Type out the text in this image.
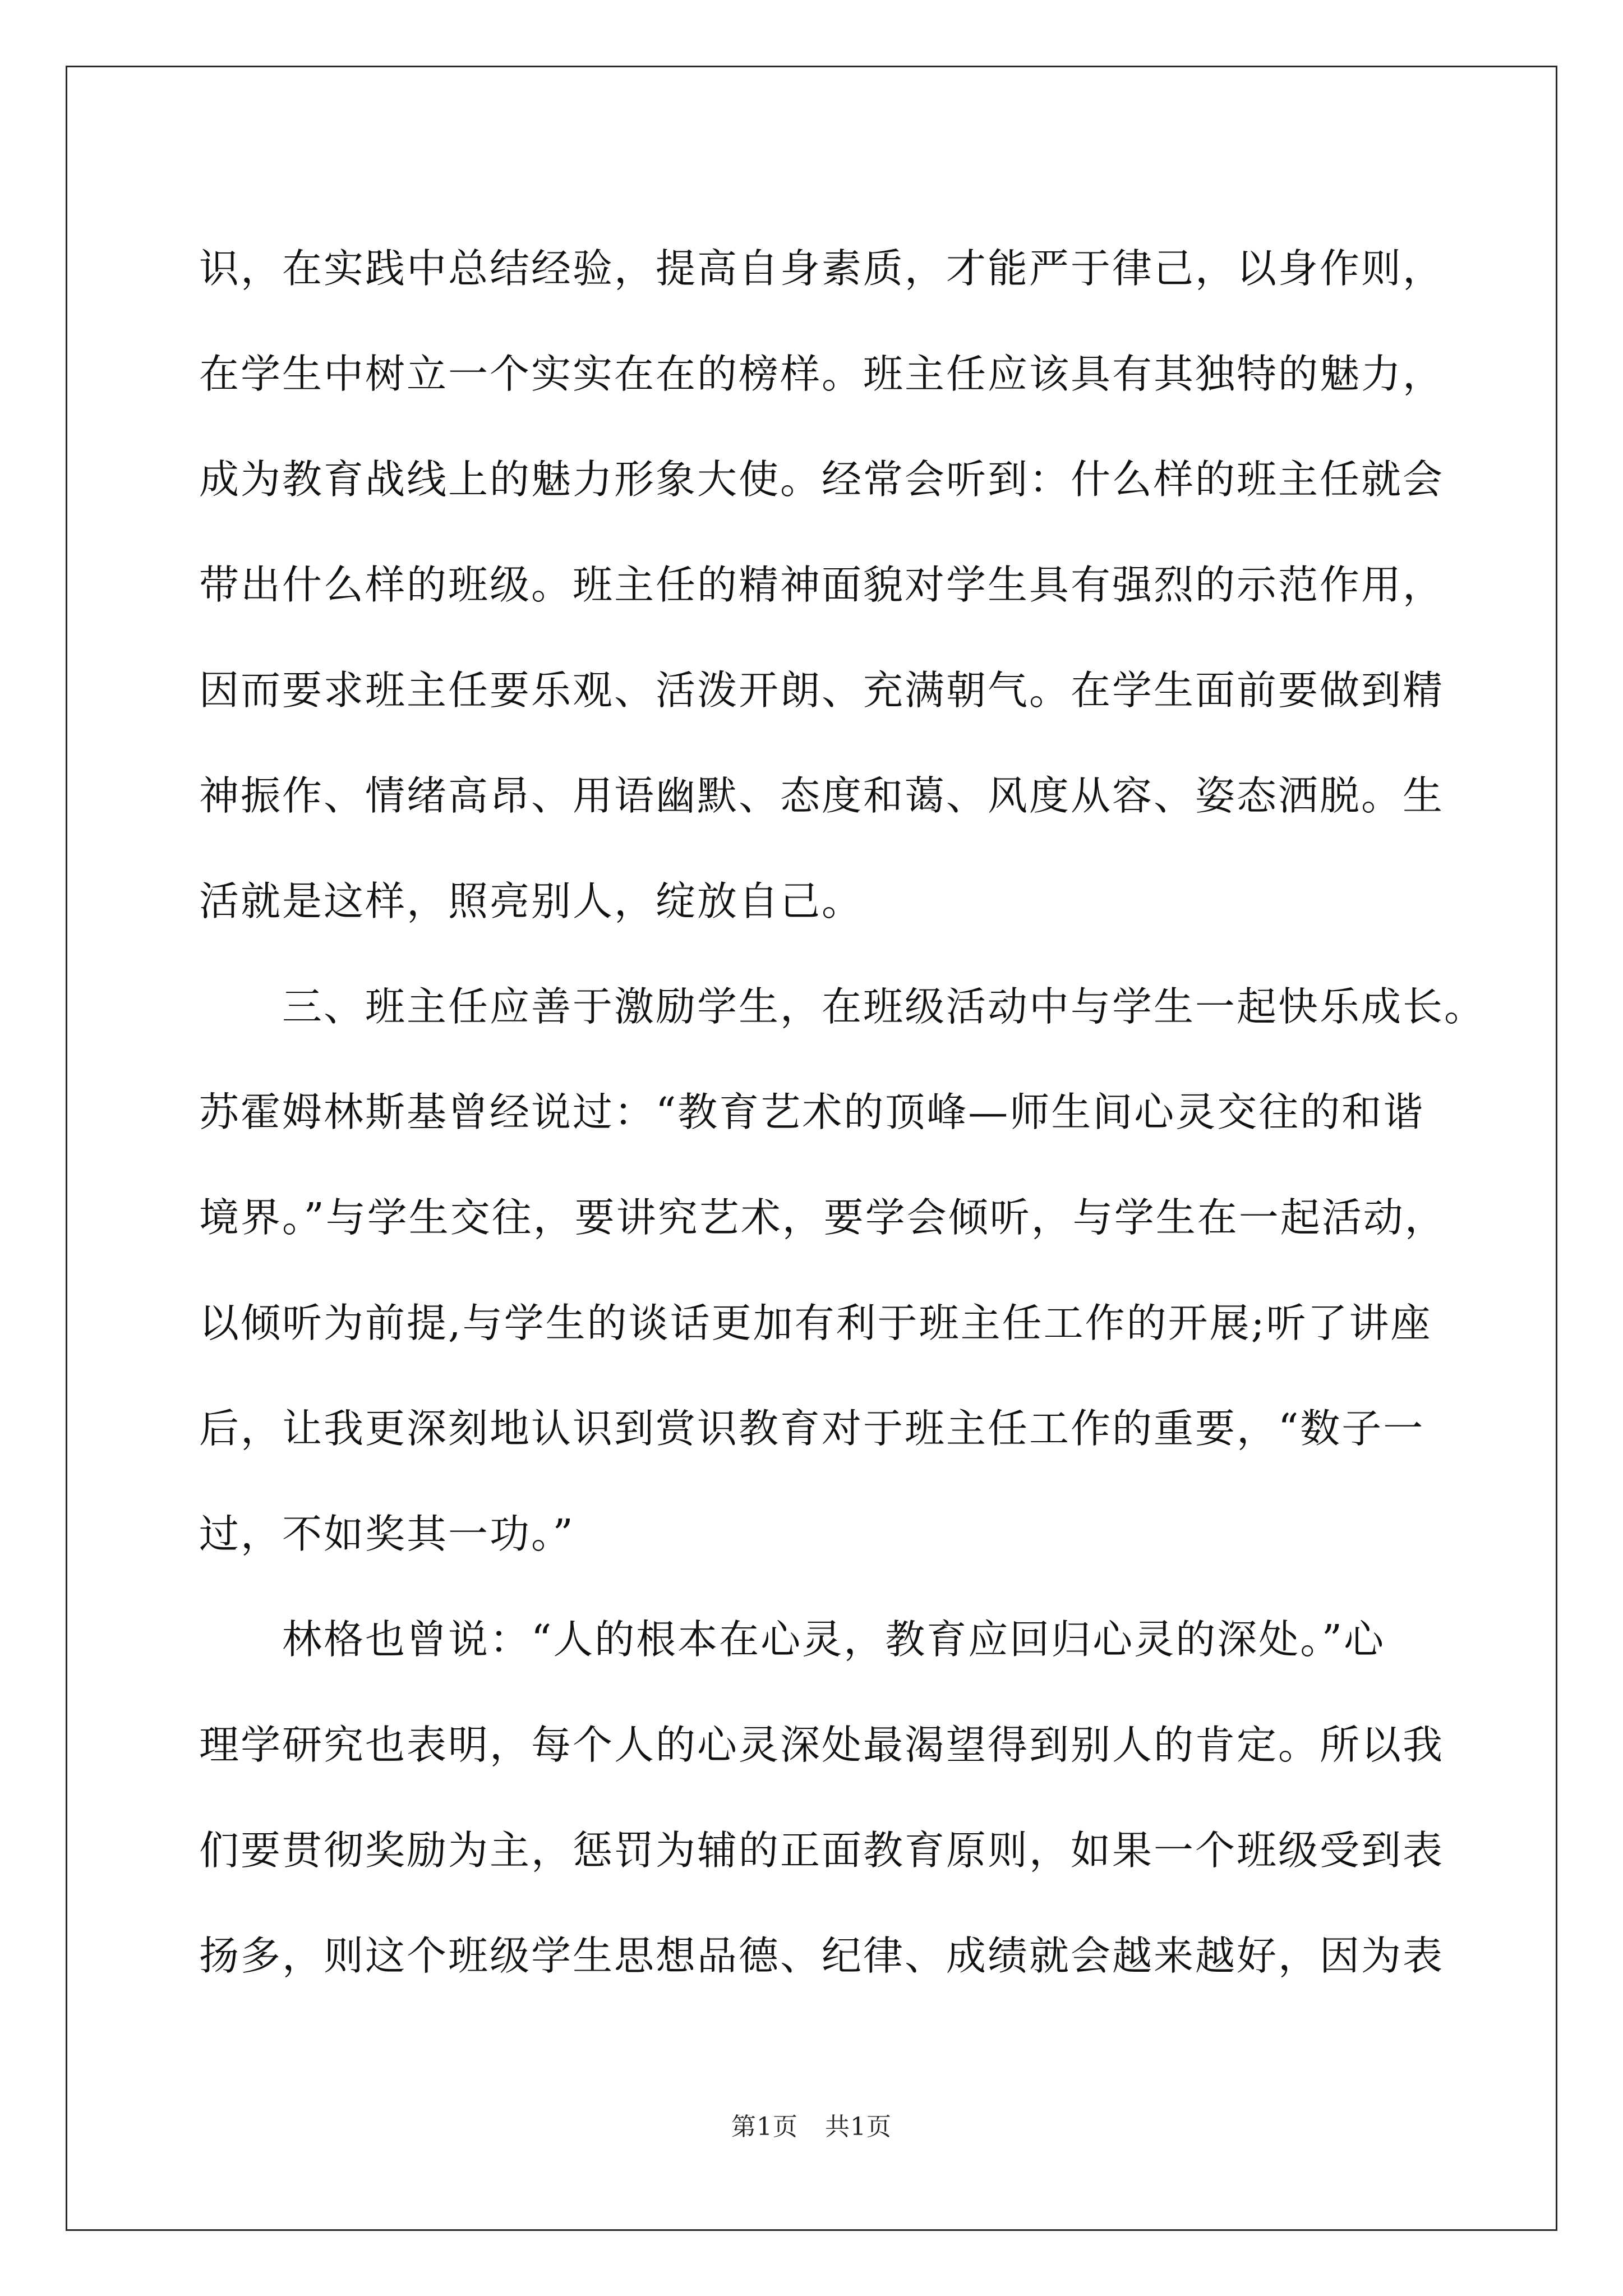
识，在实践中总结经验，提高自身素质，才能严于律己，以身作则，
在学生中树立一个实实在在的榜样。班主任应该具有其独特的魅力，
成为教育战线上的魅力形象大使。经常会听到：什么样的班主任就会
带出什么样的班级。班主任的精神面貌对学生具有强烈的示范作用，
因而要求班主任要乐观、活泼开朗、充满朝气。在学生面前要做到精
神振作、情绪高昂、用语幽默、态度和蔼、风度从容、姿态洒脱。生
活就是这样，照亮别人，绽放自己。
三、班主任应善于激励学生，在班级活动中与学生一起快乐成长。
苏霍姆林斯基曾经说过：“教育艺术的顶峰—师生间心灵交往的和谐
境界。”与学生交往，要讲究艺术，要学会倾听，与学生在一起活动，
以倾听为前提,与学生的谈话更加有利于班主任工作的开展;听了讲座
后，让我更深刻地认识到赏识教育对于班主任工作的重要，“数子一
过，不如奖其一功。”
林格也曾说：“人的根本在心灵，教育应回归心灵的深处。”心
理学研究也表明，每个人的心灵深处最渴望得到别人的肯定。所以我
们要贯彻奖励为主，惩罚为辅的正面教育原则，如果一个班级受到表
扬多，则这个班级学生思想品德、纪律、成绩就会越来越好，因为表
第1页 共1页
